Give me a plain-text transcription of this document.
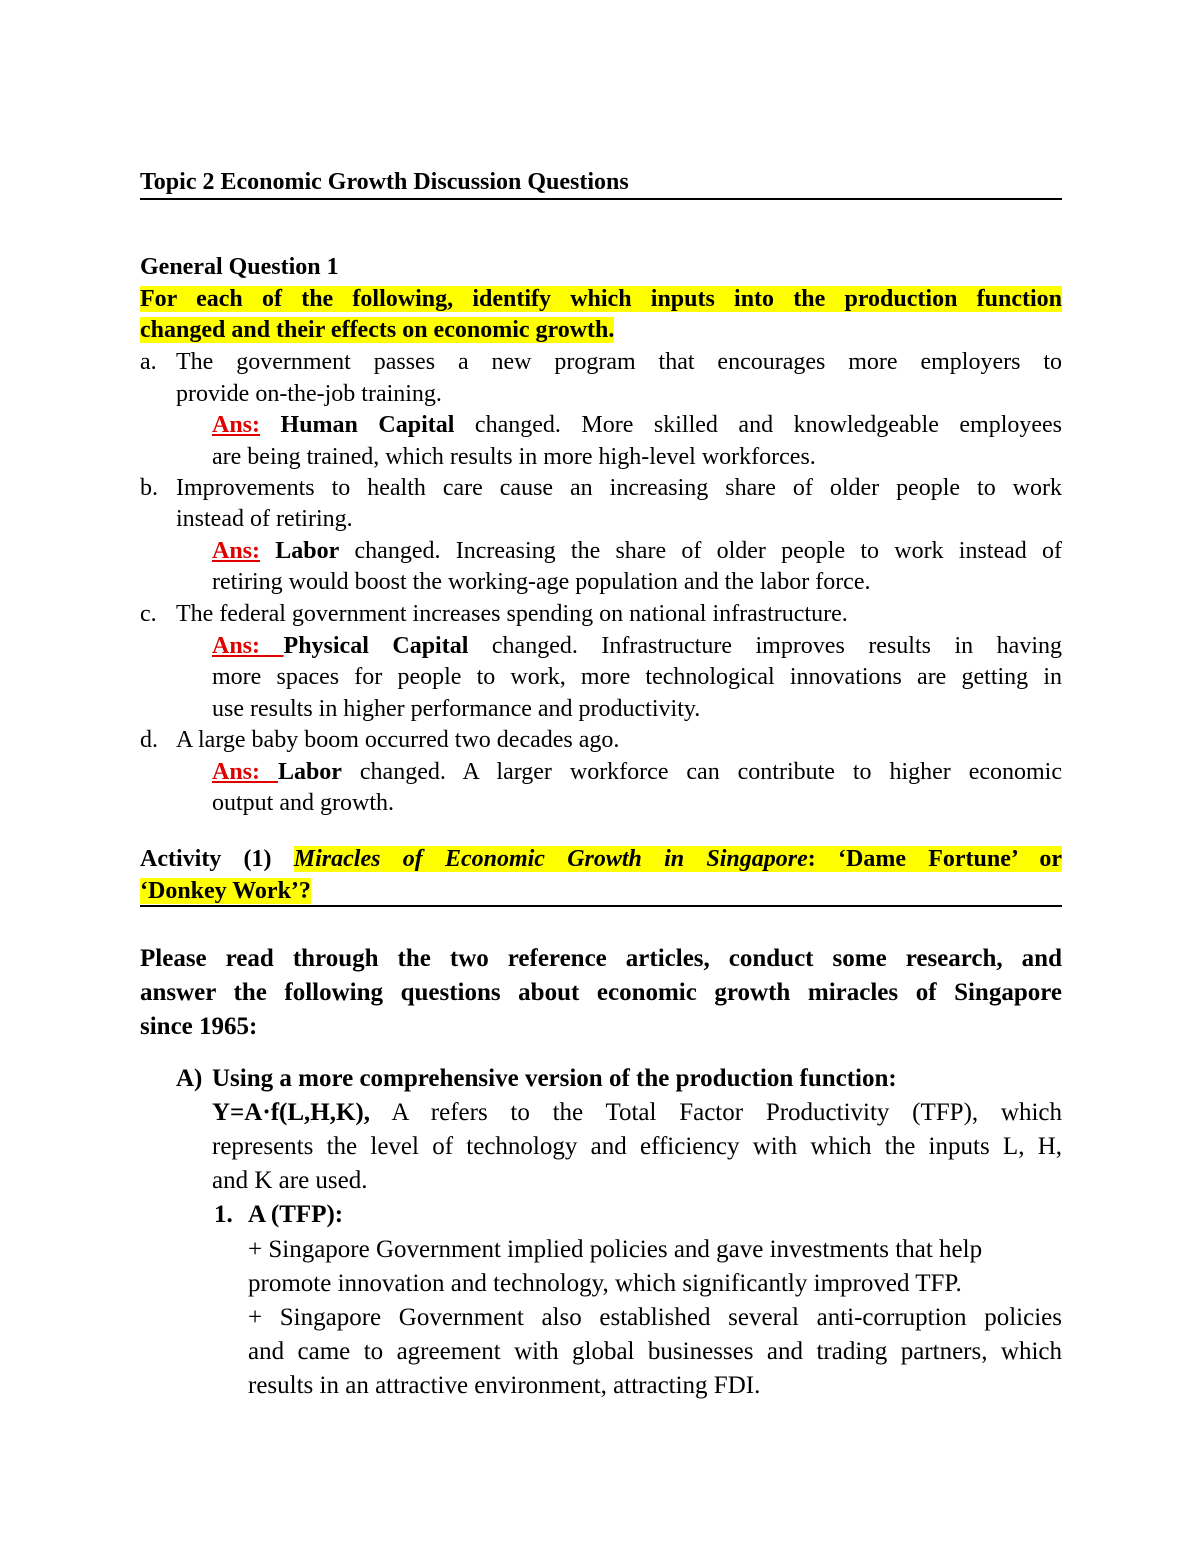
Topic 2 Economic Growth Discussion Questions
General Question 1
For each of the following, identify which inputs into the production function
changed and their effects on economic growth.
a. The government passes a new program that encourages more employers to
provide on-the-job training.
Ans: Human Capital changed. More skilled and knowledgeable employees
are being trained, which results in more high-level workforces.
b. Improvements to health care cause an increasing share of older people to work
instead of retiring.
Ans: Labor changed. Increasing the share of older people to work instead of
retiring would boost the working-age population and the labor force.
c. The federal government increases spending on national infrastructure.
Ans: Physical Capital changed. Infrastructure improves results in having
more spaces for people to work, more technological innovations are getting in
use results in higher performance and productivity.
d. A large baby boom occurred two decades ago.
Ans: Labor changed. A larger workforce can contribute to higher economic
output and growth.
Activity (1) Miracles of Economic Growth in Singapore: ‘Dame Fortune’ or
‘Donkey Work’?
Please read through the two reference articles, conduct some research, and
answer the following questions about economic growth miracles of Singapore
since 1965:
A) Using a more comprehensive version of the production function:
Y=A·f(L,H,K), A refers to the Total Factor Productivity (TFP), which
represents the level of technology and efficiency with which the inputs L, H,
and K are used.
1. A (TFP):
+ Singapore Government implied policies and gave investments that help
promote innovation and technology, which significantly improved TFP.
+ Singapore Government also established several anti-corruption policies
and came to agreement with global businesses and trading partners, which
results in an attractive environment, attracting FDI.
